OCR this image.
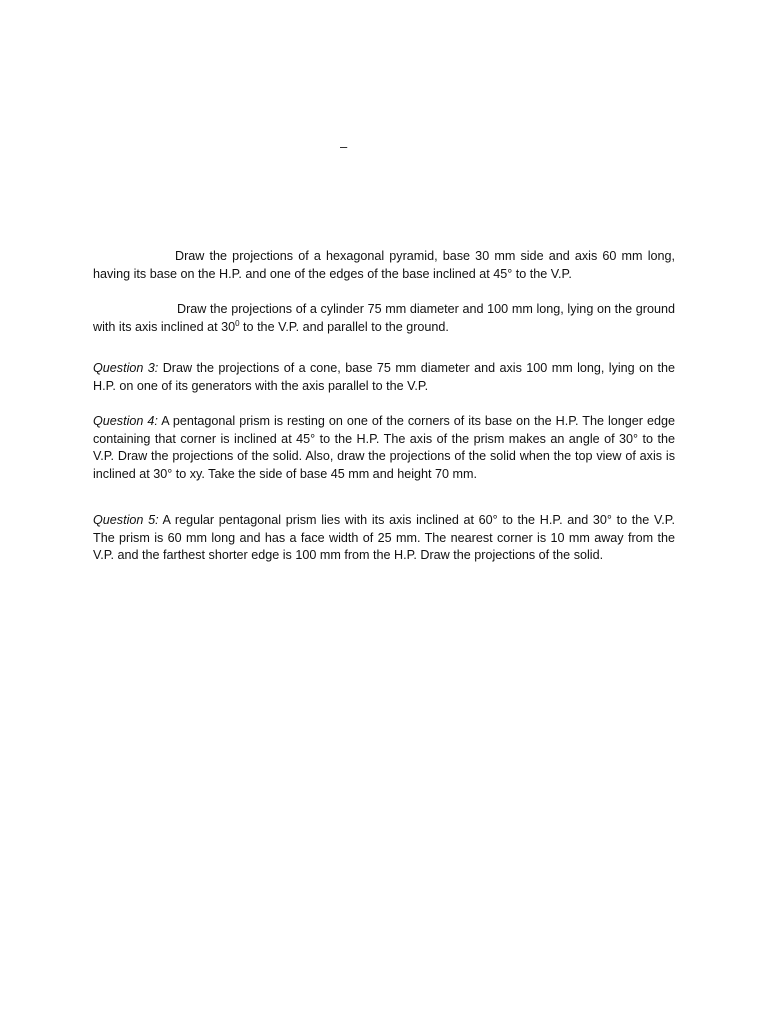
–

Draw the projections of a hexagonal pyramid, base 30 mm side and axis 60 mm long, having its base on the H.P. and one of the edges of the base inclined at 45° to the V.P.

Draw the projections of a cylinder 75 mm diameter and 100 mm long, lying on the ground with its axis inclined at $30^0$ to the V.P. and parallel to the ground.

Question 3: Draw the projections of a cone, base 75 mm diameter and axis 100 mm long, lying on the H.P. on one of its generators with the axis parallel to the V.P.

Question 4: A pentagonal prism is resting on one of the corners of its base on the H.P. The longer edge containing that corner is inclined at 45° to the H.P. The axis of the prism makes an angle of 30° to the V.P. Draw the projections of the solid. Also, draw the projections of the solid when the top view of axis is inclined at 30° to xy. Take the side of base 45 mm and height 70 mm.

Question 5: A regular pentagonal prism lies with its axis inclined at 60° to the H.P. and 30° to the V.P. The prism is 60 mm long and has a face width of 25 mm. The nearest corner is 10 mm away from the V.P. and the farthest shorter edge is 100 mm from the H.P. Draw the projections of the solid.
